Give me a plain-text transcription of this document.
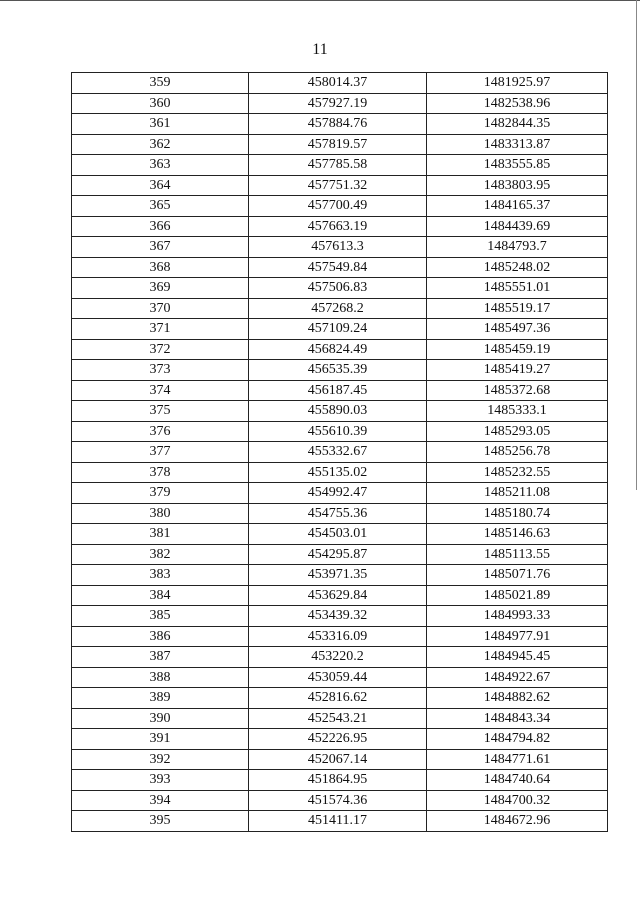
11
359	458014.37	1481925.97
360	457927.19	1482538.96
361	457884.76	1482844.35
362	457819.57	1483313.87
363	457785.58	1483555.85
364	457751.32	1483803.95
365	457700.49	1484165.37
366	457663.19	1484439.69
367	457613.3	1484793.7
368	457549.84	1485248.02
369	457506.83	1485551.01
370	457268.2	1485519.17
371	457109.24	1485497.36
372	456824.49	1485459.19
373	456535.39	1485419.27
374	456187.45	1485372.68
375	455890.03	1485333.1
376	455610.39	1485293.05
377	455332.67	1485256.78
378	455135.02	1485232.55
379	454992.47	1485211.08
380	454755.36	1485180.74
381	454503.01	1485146.63
382	454295.87	1485113.55
383	453971.35	1485071.76
384	453629.84	1485021.89
385	453439.32	1484993.33
386	453316.09	1484977.91
387	453220.2	1484945.45
388	453059.44	1484922.67
389	452816.62	1484882.62
390	452543.21	1484843.34
391	452226.95	1484794.82
392	452067.14	1484771.61
393	451864.95	1484740.64
394	451574.36	1484700.32
395	451411.17	1484672.96
